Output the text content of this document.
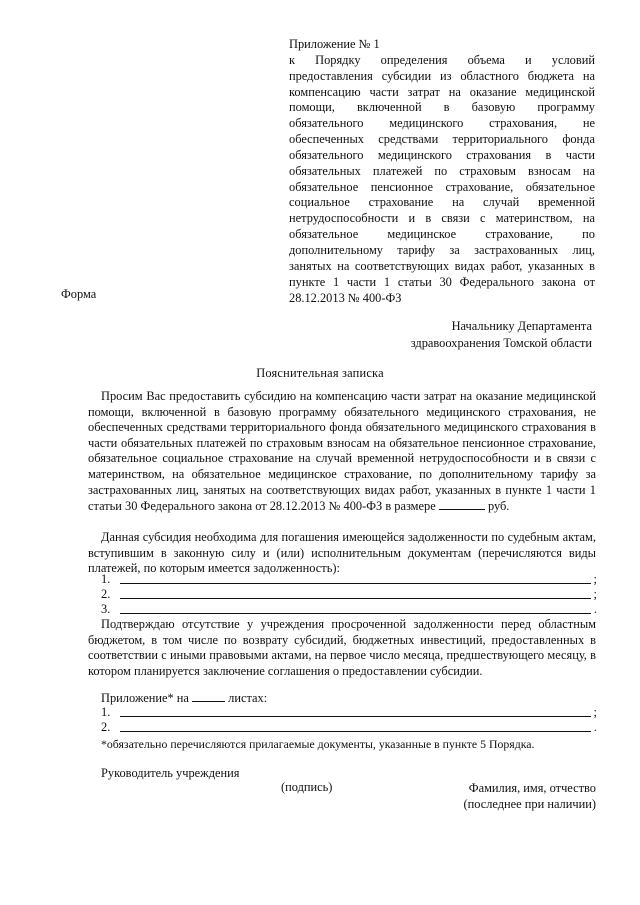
Приложение № 1
к Порядку определения объема и условий предоставления субсидии из областного бюджета на компенсацию части затрат на оказание медицинской помощи, включенной в базовую программу обязательного медицинского страхования, не обеспеченных средствами территориального фонда обязательного медицинского страхования в части обязательных платежей по страховым взносам на обязательное пенсионное страхование, обязательное социальное страхование на случай временной нетрудоспособности и в связи с материнством, на обязательное медицинское страхование, по дополнительному тарифу за застрахованных лиц, занятых на соответствующих видах работ, указанных в пункте 1 части 1 статьи 30 Федерального закона от 28.12.2013 № 400-ФЗ
Форма
Начальнику Департамента
здравоохранения Томской области
Пояснительная записка

Просим Вас предоставить субсидию на компенсацию части затрат на оказание медицинской помощи, включенной в базовую программу обязательного медицинского страхования, не обеспеченных средствами территориального фонда обязательного медицинского страхования в части обязательных платежей по страховым взносам на обязательное пенсионное страхование, обязательное социальное страхование на случай временной нетрудоспособности и в связи с материнством, на обязательное медицинское страхование, по дополнительному тарифу за застрахованных лиц, занятых на соответствующих видах работ, указанных в пункте 1 части 1 статьи 30 Федерального закона от 28.12.2013 № 400-ФЗ в размере	руб.

Данная субсидия необходима для погашения имеющейся задолженности по судебным актам, вступившим в законную силу и (или) исполнительным документам (перечисляются виды платежей, по которым имеется задолженность):

1.	;
2.	;
3.	.

Подтверждаю отсутствие у учреждения просроченной задолженности перед областным бюджетом, в том числе по возврату субсидий, бюджетных инвестиций, предоставленных в соответствии с иными правовыми актами, на первое число месяца, предшествующего месяцу, в котором планируется заключение соглашения о предоставлении субсидии.

Приложение* на	листах:
1.	;
2.	.
*обязательно перечисляются прилагаемые документы, указанные в пункте 5 Порядка.
Руководитель учреждения
(подпись)	Фамилия, имя, отчество
(последнее при наличии)
